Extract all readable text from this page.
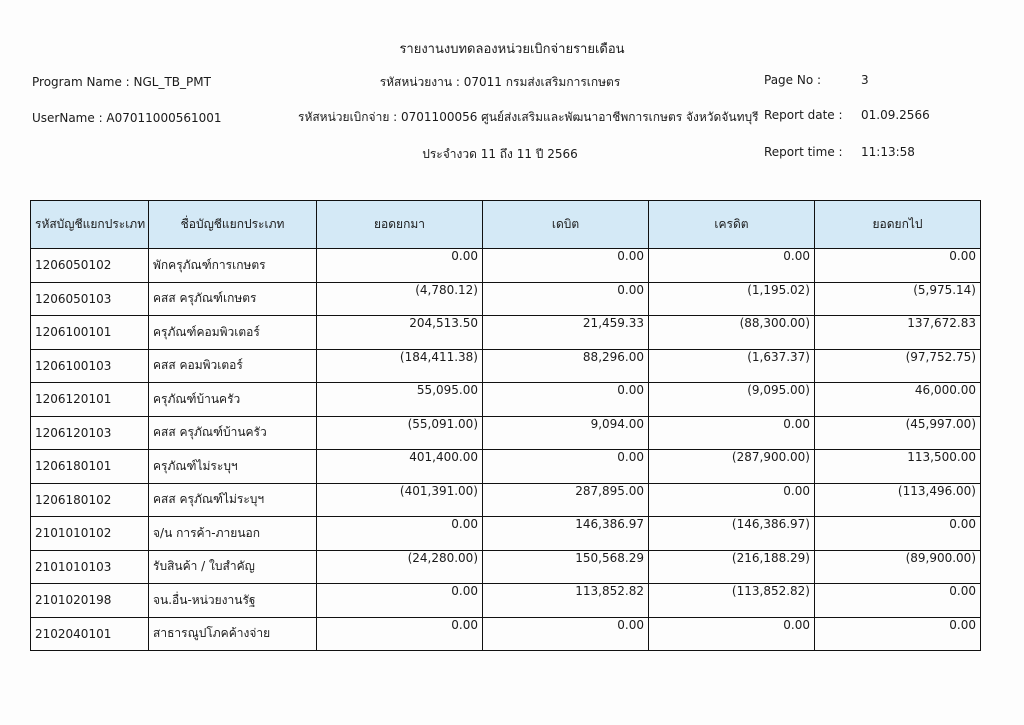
รายงานงบทดลองหน่วยเบิกจ่ายรายเดือน
Program Name : NGL_TB_PMT	รหัสหน่วยงาน : 07011 กรมส่งเสริมการเกษตร	Page No :	3
UserName : A07011000561001	รหัสหน่วยเบิกจ่าย : 0701100056 ศูนย์ส่งเสริมและพัฒนาอาชีพการเกษตร จังหวัดจันทบุรี Report date : 01.09.2566
ประจำงวด 11 ถึง 11 ปี 2566	Report time : 11:13:58
รหัสบัญชีแยกประเภท	ชื่อบัญชีแยกประเภท	ยอดยกมา	เดบิต	เครดิต	ยอดยกไป
1206050102	พักครุภัณฑ์การเกษตร	0.00	0.00	0.00	0.00
1206050103	คสส ครุภัณฑ์เกษตร	(4,780.12)	0.00	(1,195.02)	(5,975.14)
1206100101	ครุภัณฑ์คอมพิวเตอร์	204,513.50	21,459.33	(88,300.00)	137,672.83
1206100103	คสส คอมพิวเตอร์	(184,411.38)	88,296.00	(1,637.37)	(97,752.75)
1206120101	ครุภัณฑ์บ้านครัว	55,095.00	0.00	(9,095.00)	46,000.00
1206120103	คสส ครุภัณฑ์บ้านครัว	(55,091.00)	9,094.00	0.00	(45,997.00)
1206180101	ครุภัณฑ์ไม่ระบุฯ	401,400.00	0.00	(287,900.00)	113,500.00
1206180102	คสส ครุภัณฑ์ไม่ระบุฯ	(401,391.00)	287,895.00	0.00	(113,496.00)
2101010102	จ/น การค้า-ภายนอก	0.00	146,386.97	(146,386.97)	0.00
2101010103	รับสินค้า / ใบสำคัญ	(24,280.00)	150,568.29	(216,188.29)	(89,900.00)
2101020198	จน.อื่น-หน่วยงานรัฐ	0.00	113,852.82	(113,852.82)	0.00
2102040101	สาธารณูปโภคค้างจ่าย	0.00	0.00	0.00	0.00
